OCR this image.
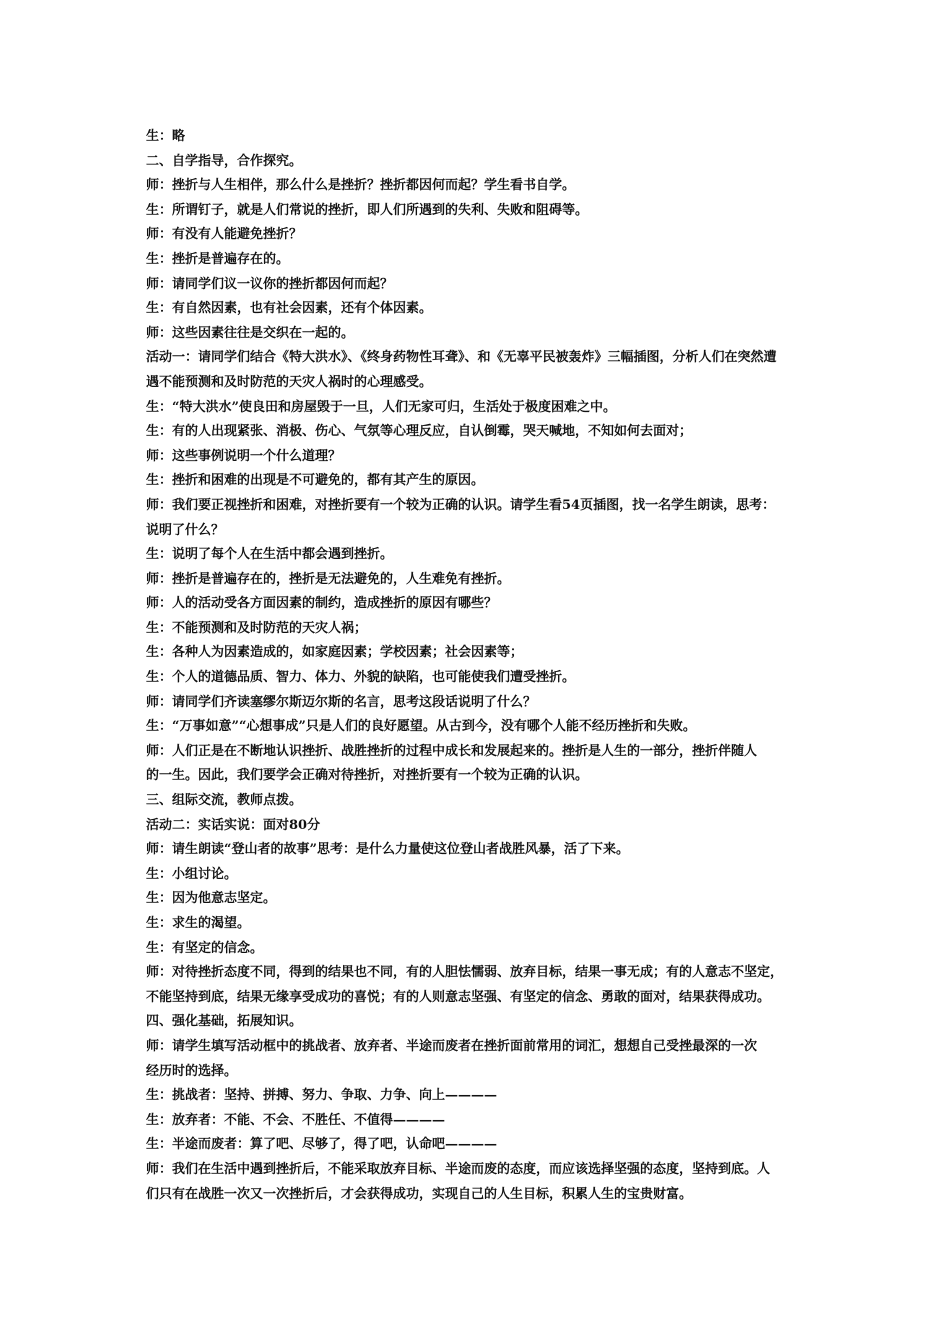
生：略
二、自学指导，合作探究。
师：挫折与人生相伴，那么什么是挫折？挫折都因何而起？学生看书自学。
生：所谓钉子，就是人们常说的挫折，即人们所遇到的失利、失败和阻碍等。
师：有没有人能避免挫折？
生：挫折是普遍存在的。
师：请同学们议一议你的挫折都因何而起？
生：有自然因素，也有社会因素，还有个体因素。
师：这些因素往往是交织在一起的。
活动一：请同学们结合《特大洪水》、《终身药物性耳聋》、和《无辜平民被轰炸》三幅插图，分析人们在突然遭
遇不能预测和及时防范的天灾人祸时的心理感受。
生：“特大洪水”使良田和房屋毁于一旦，人们无家可归，生活处于极度困难之中。
生：有的人出现紧张、消极、伤心、气氛等心理反应，自认倒霉，哭天喊地，不知如何去面对；
师：这些事例说明一个什么道理？
生：挫折和困难的出现是不可避免的，都有其产生的原因。
师：我们要正视挫折和困难，对挫折要有一个较为正确的认识。请学生看54页插图，找一名学生朗读，思考：
说明了什么？
生：说明了每个人在生活中都会遇到挫折。
师：挫折是普遍存在的，挫折是无法避免的，人生难免有挫折。
师：人的活动受各方面因素的制约，造成挫折的原因有哪些？
生：不能预测和及时防范的天灾人祸；
生：各种人为因素造成的，如家庭因素；学校因素；社会因素等；
生：个人的道德品质、智力、体力、外貌的缺陷，也可能使我们遭受挫折。
师：请同学们齐读塞缪尔斯迈尔斯的名言，思考这段话说明了什么？
生：“万事如意”“心想事成”只是人们的良好愿望。从古到今，没有哪个人能不经历挫折和失败。
师：人们正是在不断地认识挫折、战胜挫折的过程中成长和发展起来的。挫折是人生的一部分，挫折伴随人
的一生。因此，我们要学会正确对待挫折，对挫折要有一个较为正确的认识。
三、组际交流，教师点拨。
活动二：实话实说：面对80分
师：请生朗读“登山者的故事”思考：是什么力量使这位登山者战胜风暴，活了下来。
生：小组讨论。
生：因为他意志坚定。
生：求生的渴望。
生：有坚定的信念。
师：对待挫折态度不同，得到的结果也不同，有的人胆怯懦弱、放弃目标，结果一事无成；有的人意志不坚定，
不能坚持到底，结果无缘享受成功的喜悦；有的人则意志坚强、有坚定的信念、勇敢的面对，结果获得成功。
四、强化基础，拓展知识。
师：请学生填写活动框中的挑战者、放弃者、半途而废者在挫折面前常用的词汇，想想自己受挫最深的一次
经历时的选择。
生：挑战者：坚持、拼搏、努力、争取、力争、向上————
生：放弃者：不能、不会、不胜任、不值得————
生：半途而废者：算了吧、尽够了，得了吧，认命吧————
师：我们在生活中遇到挫折后，不能采取放弃目标、半途而废的态度，而应该选择坚强的态度，坚持到底。人
们只有在战胜一次又一次挫折后，才会获得成功，实现自己的人生目标，积累人生的宝贵财富。
